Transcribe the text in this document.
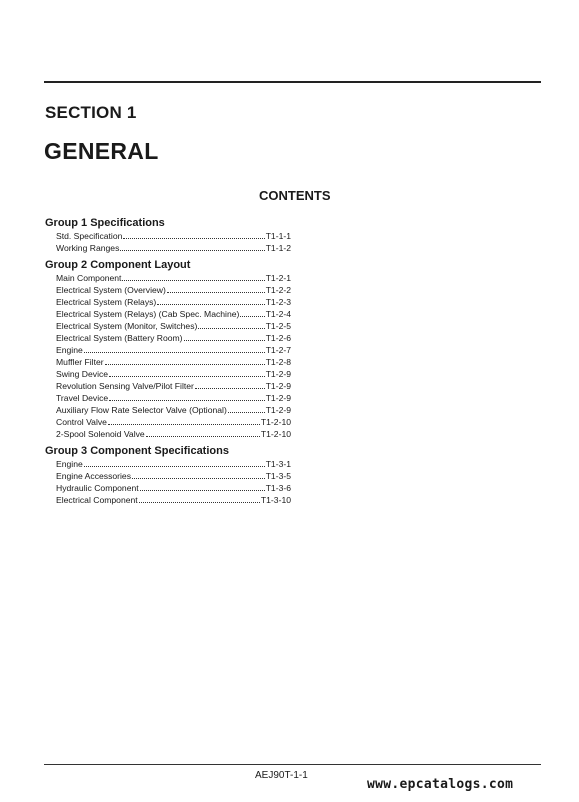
SECTION 1
GENERAL
CONTENTS
Group 1 Specifications
Std. Specification	T1-1-1
Working Ranges	T1-1-2
Group 2 Component Layout
Main Component	T1-2-1
Electrical System (Overview)	T1-2-2
Electrical System (Relays)	T1-2-3
Electrical System (Relays) (Cab Spec. Machine)	T1-2-4
Electrical System (Monitor, Switches)	T1-2-5
Electrical System (Battery Room)	T1-2-6
Engine	T1-2-7
Muffler Filter	T1-2-8
Swing Device	T1-2-9
Revolution Sensing Valve/Pilot Filter	T1-2-9
Travel Device	T1-2-9
Auxiliary Flow Rate Selector Valve (Optional)	T1-2-9
Control Valve	T1-2-10
2-Spool Solenoid Valve	T1-2-10
Group 3 Component Specifications
Engine	T1-3-1
Engine Accessories	T1-3-5
Hydraulic Component	T1-3-6
Electrical Component	T1-3-10
AEJ90T-1-1
www.epcatalogs.com
